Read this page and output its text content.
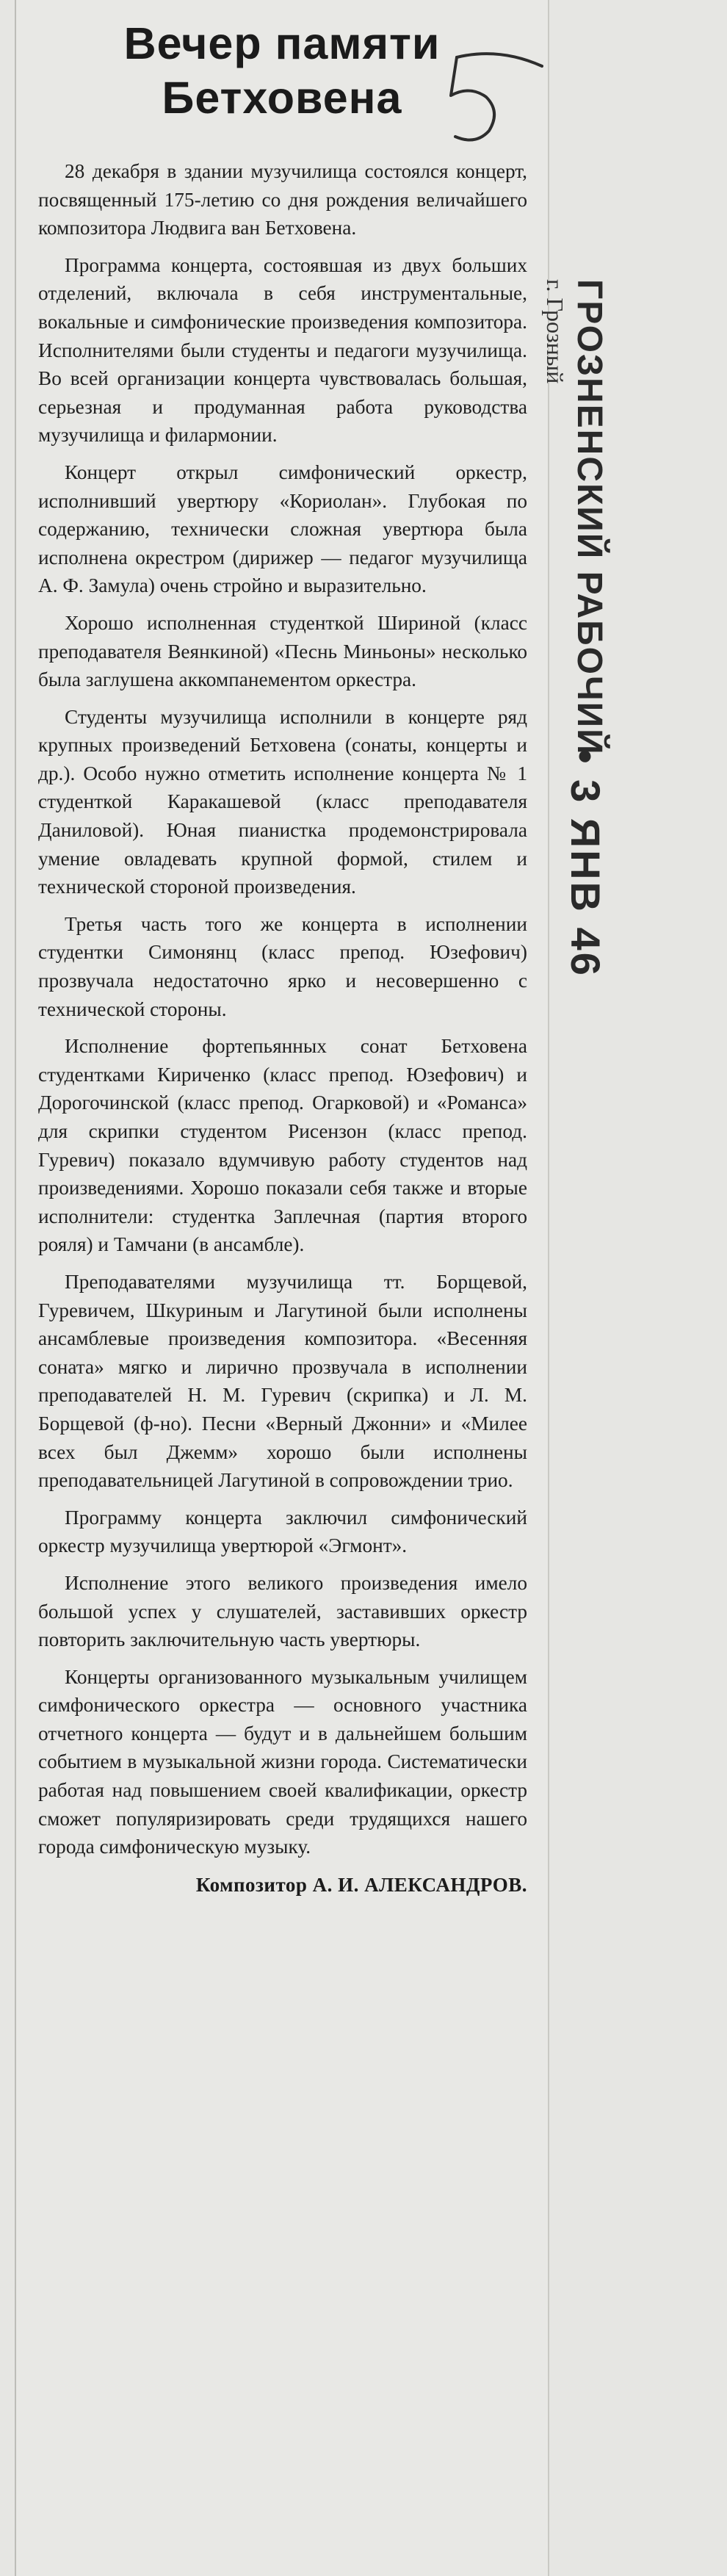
Вечер памяти
Бетховена

28 декабря в здании музучилища состоялся концерт, посвященный 175-летию со дня рождения величайшего композитора Людвига ван Бетховена.

Программа концерта, состоявшая из двух больших отделений, включала в себя инструментальные, вокальные и симфонические произведения композитора. Исполнителями были студенты и педагоги музучилища. Во всей организации концерта чувствовалась большая, серьезная и продуманная работа руководства музучилища и филармонии.

Концерт открыл симфонический оркестр, исполнивший увертюру «Кориолан». Глубокая по содержанию, технически сложная увертюра была исполнена окрестром (дирижер — педагог музучилища А. Ф. Замула) очень стройно и выразительно.

Хорошо исполненная студенткой Шириной (класс преподавателя Веянкиной) «Песнь Миньоны» несколько была заглушена аккомпанементом оркестра.

Студенты музучилища исполнили в концерте ряд крупных произведений Бетховена (сонаты, концерты и др.). Особо нужно отметить исполнение концерта № 1 студенткой Каракашевой (класс преподавателя Даниловой). Юная пианистка продемонстрировала умение овладевать крупной формой, стилем и технической стороной произведения.

Третья часть того же концерта в исполнении студентки Симонянц (класс препод. Юзефович) прозвучала недостаточно ярко и несовершенно с технической стороны.

Исполнение фортепьянных сонат Бетховена студентками Кириченко (класс препод. Юзефович) и Дорогочинской (класс препод. Огарковой) и «Романса» для скрипки студентом Рисензон (класс препод. Гуревич) показало вдумчивую работу студентов над произведениями. Хорошо показали себя также и вторые исполнители: студентка Заплечная (партия второго рояля) и Тамчани (в ансамбле).

Преподавателями музучилища тт. Борщевой, Гуревичем, Шкуриным и Лагутиной были исполнены ансамблевые произведения композитора. «Весенняя соната» мягко и лирично прозвучала в исполнении преподавателей Н. М. Гуревич (скрипка) и Л. М. Борщевой (ф-но). Песни «Верный Джонни» и «Милее всех был Джемм» хорошо были исполнены преподавательницей Лагутиной в сопровождении трио.

Программу концерта заключил симфонический оркестр музучилища увертюрой «Эгмонт».

Исполнение этого великого произведения имело большой успех у слушателей, заставивших оркестр повторить заключительную часть увертюры.

Концерты организованного музыкальным училищем симфонического оркестра — основного участника отчетного концерта — будут и в дальнейшем большим событием в музыкальной жизни города. Систематически работая над повышением своей квалификации, оркестр сможет популяризировать среди трудящихся нашего города симфоническую музыку.

Композитор А. И. АЛЕКСАНДРОВ.
ГРОЗНЕНСКИЙ РАБОЧИЙ
г. Грозный
• 3 ЯНВ 46
